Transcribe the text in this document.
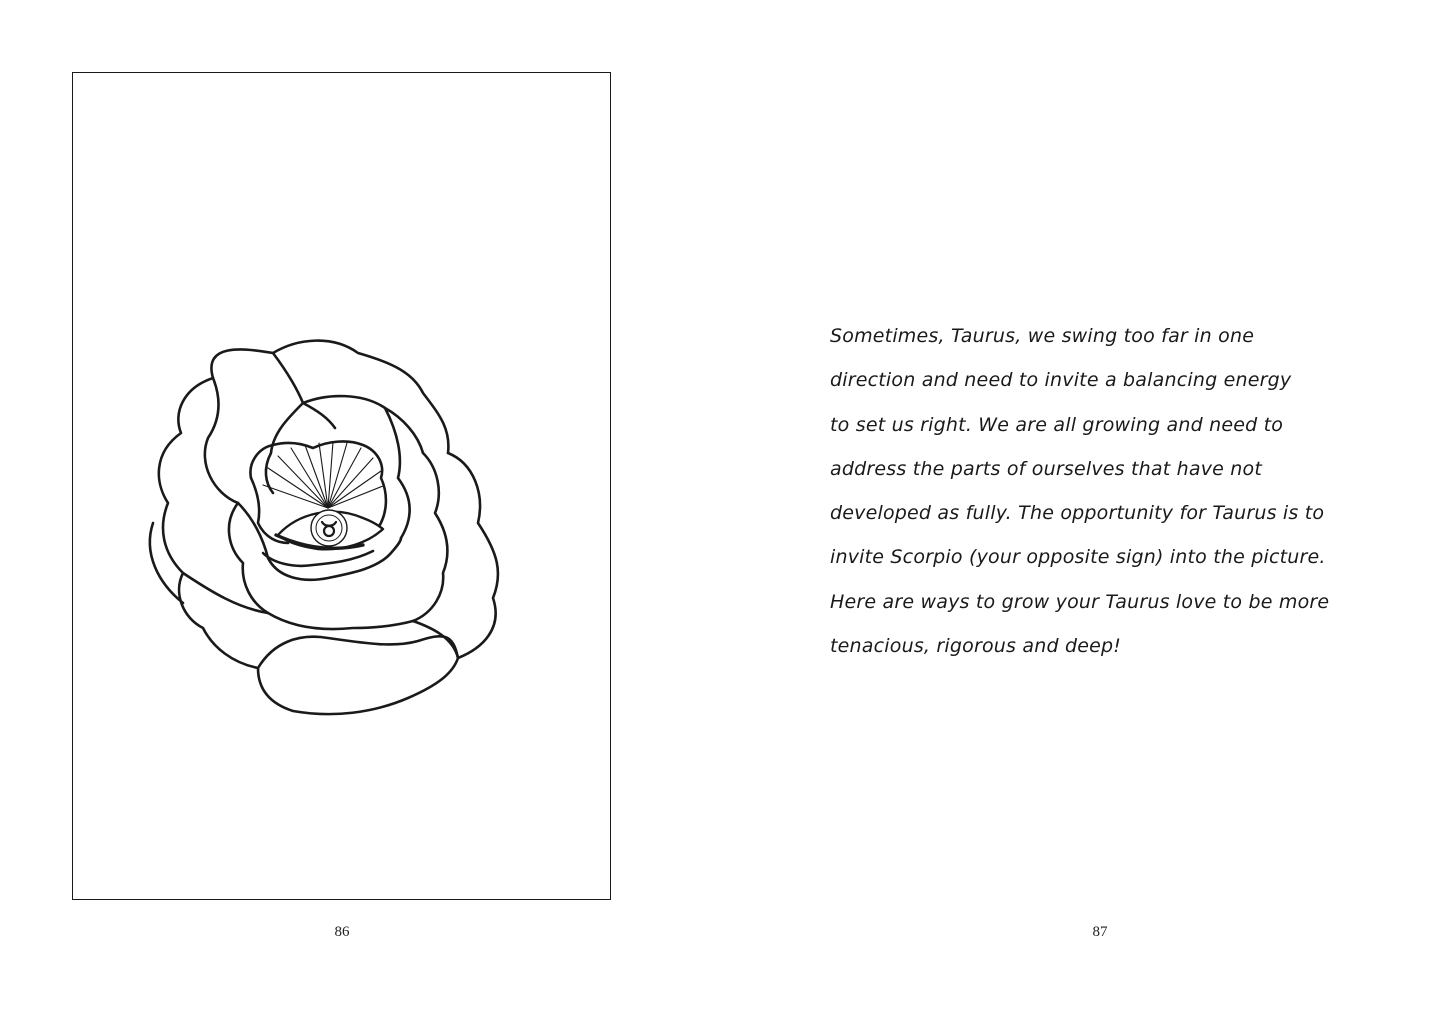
86
Sometimes, Taurus, we swing too far in one
direction and need to invite a balancing energy
to set us right. We are all growing and need to
address the parts of ourselves that have not
developed as fully. The opportunity for Taurus is to
invite Scorpio (your opposite sign) into the picture.
Here are ways to grow your Taurus love to be more
tenacious, rigorous and deep!
87
